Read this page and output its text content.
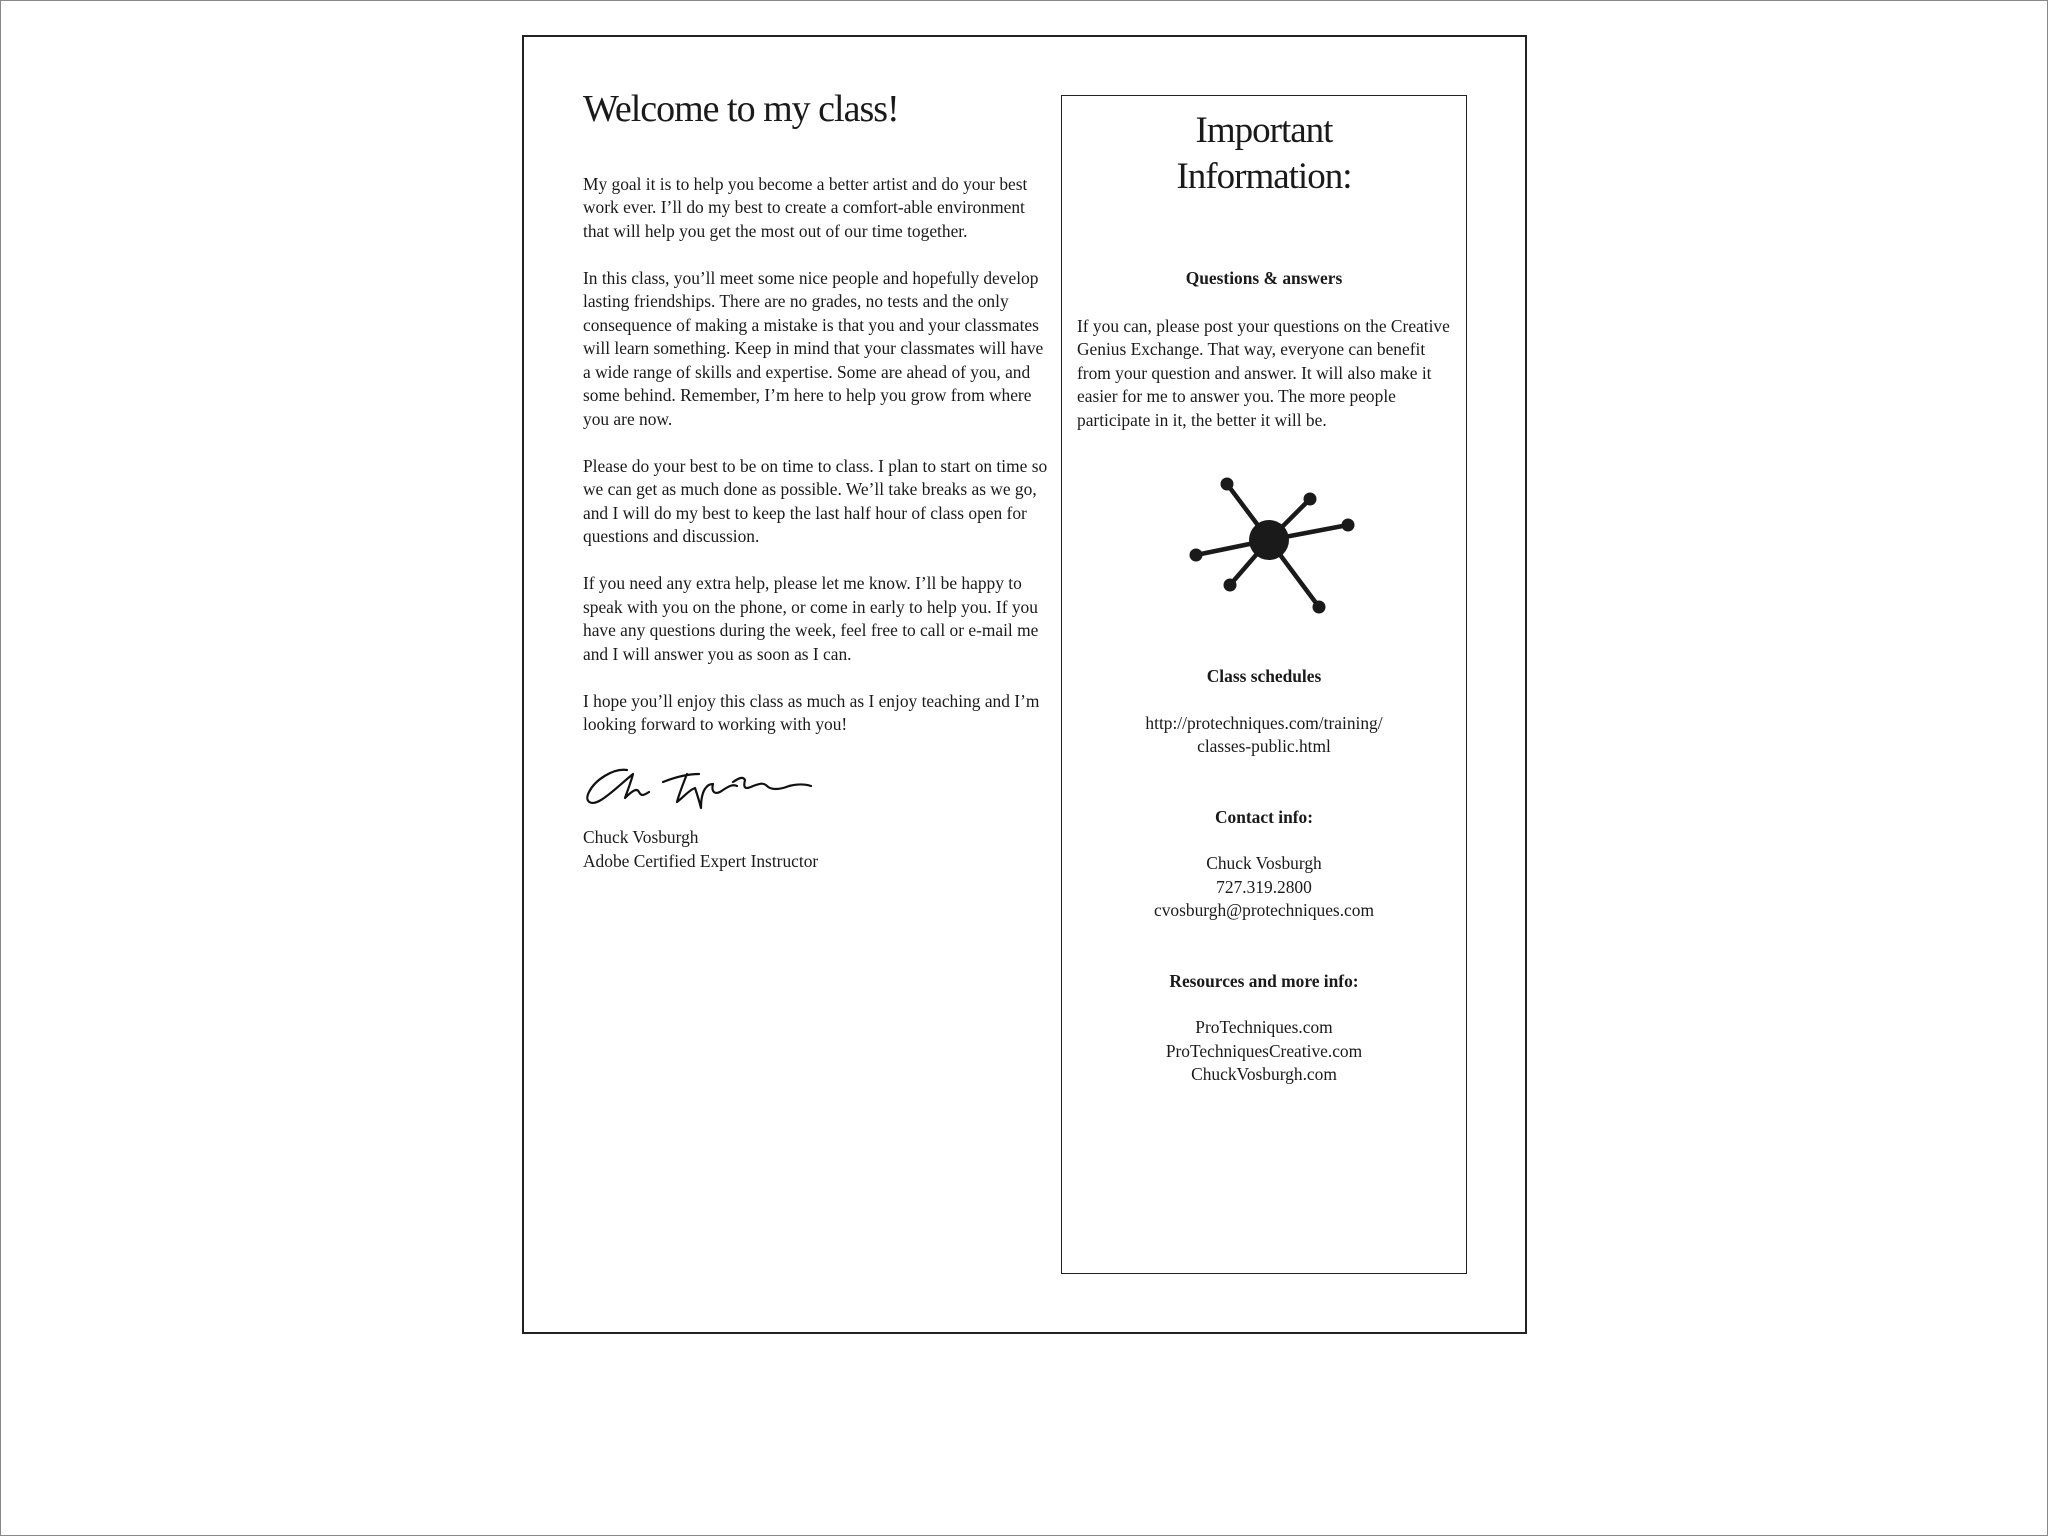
Welcome to my class!

My goal it is to help you become a better artist and do your best work ever. I’ll do my best to create a comfort-able environment that will help you get the most out of our time together.

In this class, you’ll meet some nice people and hopefully develop lasting friendships. There are no grades, no tests and the only consequence of making a mistake is that you and your classmates will learn something. Keep in mind that your classmates will have a wide range of skills and expertise. Some are ahead of you, and some behind. Remember, I’m here to help you grow from where you are now.

Please do your best to be on time to class. I plan to start on time so we can get as much done as possible. We’ll take breaks as we go, and I will do my best to keep the last half hour of class open for questions and discussion.

If you need any extra help, please let me know. I’ll be happy to speak with you on the phone, or come in early to help you. If you have any questions during the week, feel free to call or e-mail me and I will answer you as soon as I can.

I hope you’ll enjoy this class as much as I enjoy teaching and I’m looking forward to working with you!

Chuck Vosburgh
Adobe Certified Expert Instructor
Important
Information:

Questions & answers

If you can, please post your questions on the Creative Genius Exchange. That way, everyone can benefit from your question and answer. It will also make it easier for me to answer you. The more people participate in it, the better it will be.

Class schedules

http://protechniques.com/training/
classes-public.html

Contact info:

Chuck Vosburgh
727.319.2800
cvosburgh@protechniques.com

Resources and more info:

ProTechniques.com
ProTechniquesCreative.com
ChuckVosburgh.com
